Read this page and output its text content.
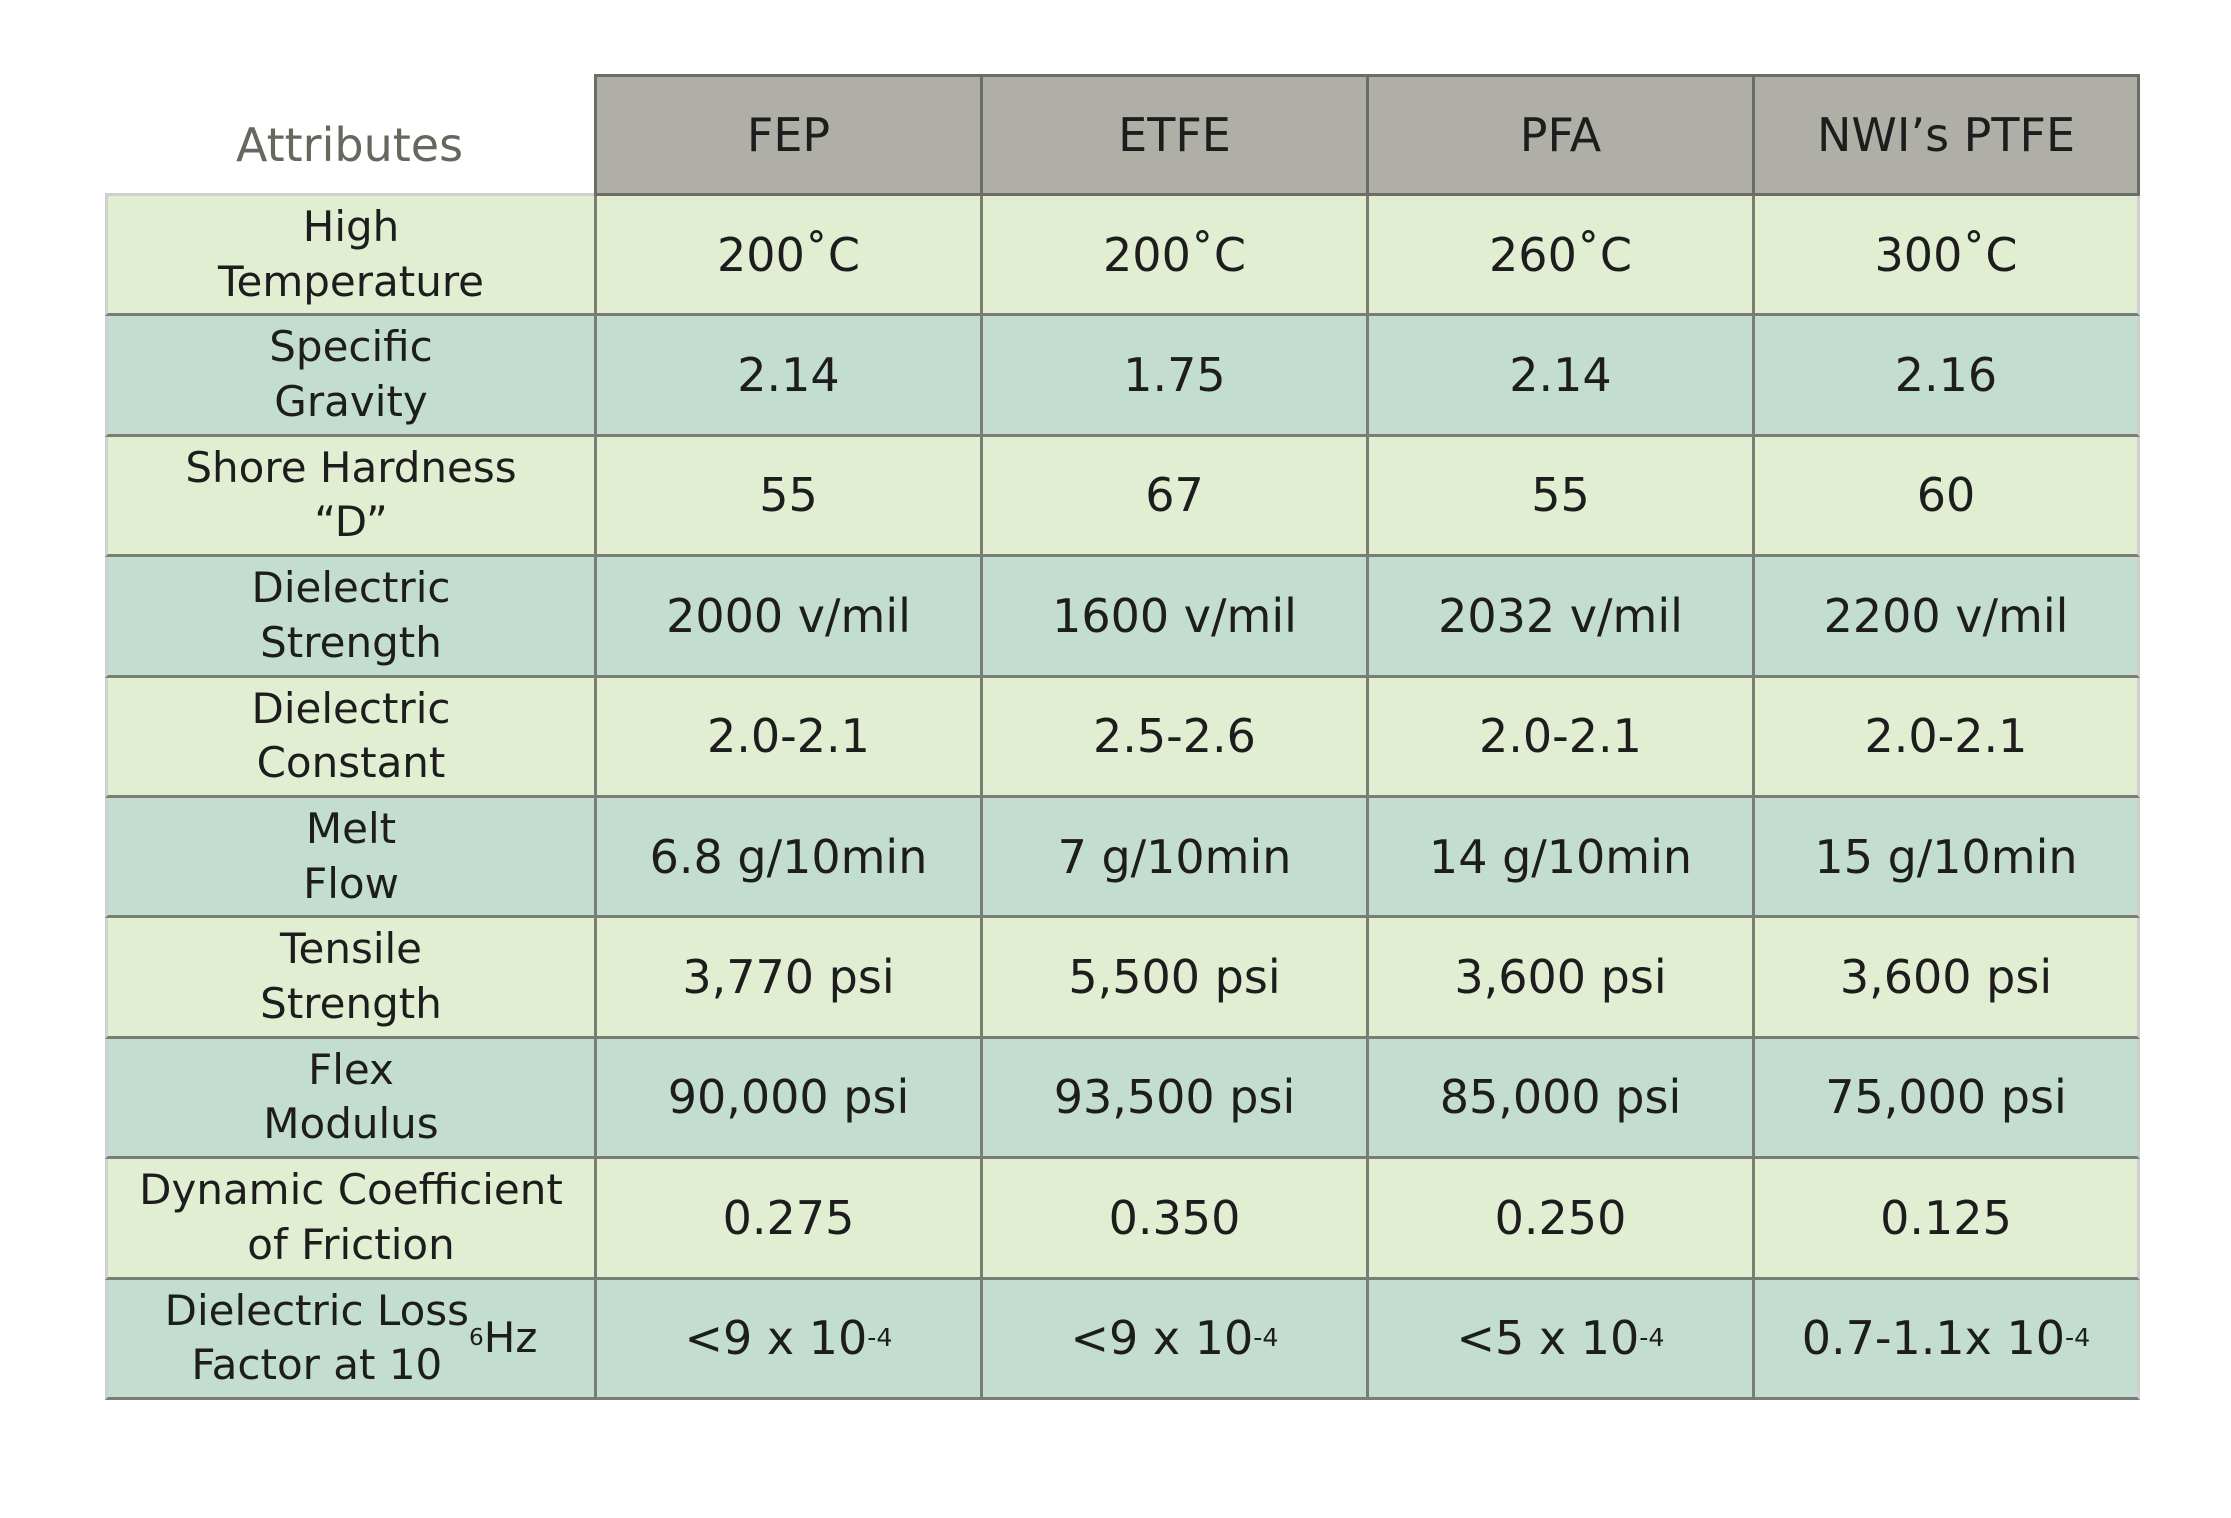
Attributes	FEP	ETFE	PFA	NWI’s PTFE
High
Temperature	200˚C	200˚C	260˚C	300˚C
Specific
Gravity	2.14	1.75	2.14	2.16
Shore Hardness
“D”	55	67	55	60
Dielectric
Strength	2000 v/mil	1600 v/mil	2032 v/mil	2200 v/mil
Dielectric
Constant	2.0-2.1	2.5-2.6	2.0-2.1	2.0-2.1
Melt
Flow	6.8 g/10min	7 g/10min	14 g/10min	15 g/10min
Tensile
Strength	3,770 psi	5,500 psi	3,600 psi	3,600 psi
Flex
Modulus	90,000 psi	93,500 psi	85,000 psi	75,000 psi
Dynamic Coefficient
of Friction	0.275	0.350	0.250	0.125
Dielectric Loss
Factor at 10
6 Hz	<9 x 10 -4	<9 x 10 -4	<5 x 10 -4	0.7-1.1x 10 -4
